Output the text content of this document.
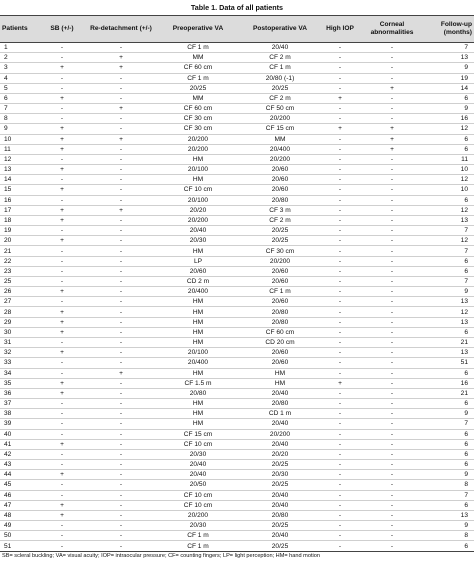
Table 1. Data of all patients
Patients	SB (+/-)	Re-detachment (+/-)	Preoperative VA	Postoperative VA	High IOP	Corneal abnormalities	Follow-up (months)
1	-	-	CF 1 m	20/40	-	-	7
2	-	+	MM	CF 2 m	-	-	13
3	+	+	CF 60 cm	CF 1 m	-	-	9
4	-	-	CF 1 m	20/80 (-1)	-	-	19
5	-	-	20/25	20/25	-	+	14
6	+	-	MM	CF 2 m	+	-	6
7	-	+	CF 60 cm	CF 50 cm	-	-	9
8	-	-	CF 30 cm	20/200	-	-	16
9	+	-	CF 30 cm	CF 15 cm	+	+	12
10	+	+	20/200	MM	-	+	6
11	+	-	20/200	20/400	-	+	6
12	-	-	HM	20/200	-	-	11
13	+	-	20/100	20/60	-	-	10
14	-	-	HM	20/60	-	-	12
15	+	-	CF 10 cm	20/60	-	-	10
16	-	-	20/100	20/80	-	-	6
17	+	+	20/20	CF 3 m	-	-	12
18	+	-	20/200	CF 2 m	-	-	13
19	-	-	20/40	20/25	-	-	7
20	+	-	20/30	20/25	-	-	12
21	-	-	HM	CF 30 cm	-	-	7
22	-	-	LP	20/200	-	-	6
23	-	-	20/60	20/60	-	-	6
25	-	-	CD 2 m	20/60	-	-	7
26	+	-	20/400	CF 1 m	-	-	9
27	-	-	HM	20/60	-	-	13
28	+	-	HM	20/80	-	-	12
29	+	-	HM	20/80	-	-	13
30	+	-	HM	CF 60 cm	-	-	6
31	-	-	HM	CD 20 cm	-	-	21
32	+	-	20/100	20/60	-	-	13
33	-	-	20/400	20/60	-	-	51
34	-	+	HM	HM	-	-	6
35	+	-	CF 1.5 m	HM	+	-	16
36	+	-	20/80	20/40	-	-	21
37	-	-	HM	20/80	-	-	6
38	-	-	HM	CD 1 m	-	-	9
39	-	-	HM	20/40	-	-	7
40	-	-	CF 15 cm	20/200	-	-	6
41	+	-	CF 10 cm	20/40	-	-	6
42	-	-	20/30	20/20	-	-	6
43	-	-	20/40	20/25	-	-	6
44	+	-	20/40	20/30	-	-	9
45	-	-	20/50	20/25	-	-	8
46	-	-	CF 10 cm	20/40	-	-	7
47	+	-	CF 10 cm	20/40	-	-	6
48	+	-	20/200	20/80	-	-	13
49	-	-	20/30	20/25	-	-	9
50	-	-	CF 1 m	20/40	-	-	8
51	-	-	CF 1 m	20/25	-	-	6
SB= scleral buckling; VA= visual acuity; IOP= intraocular pressure; CF= counting fingers; LP= light perception; HM= hand motion
